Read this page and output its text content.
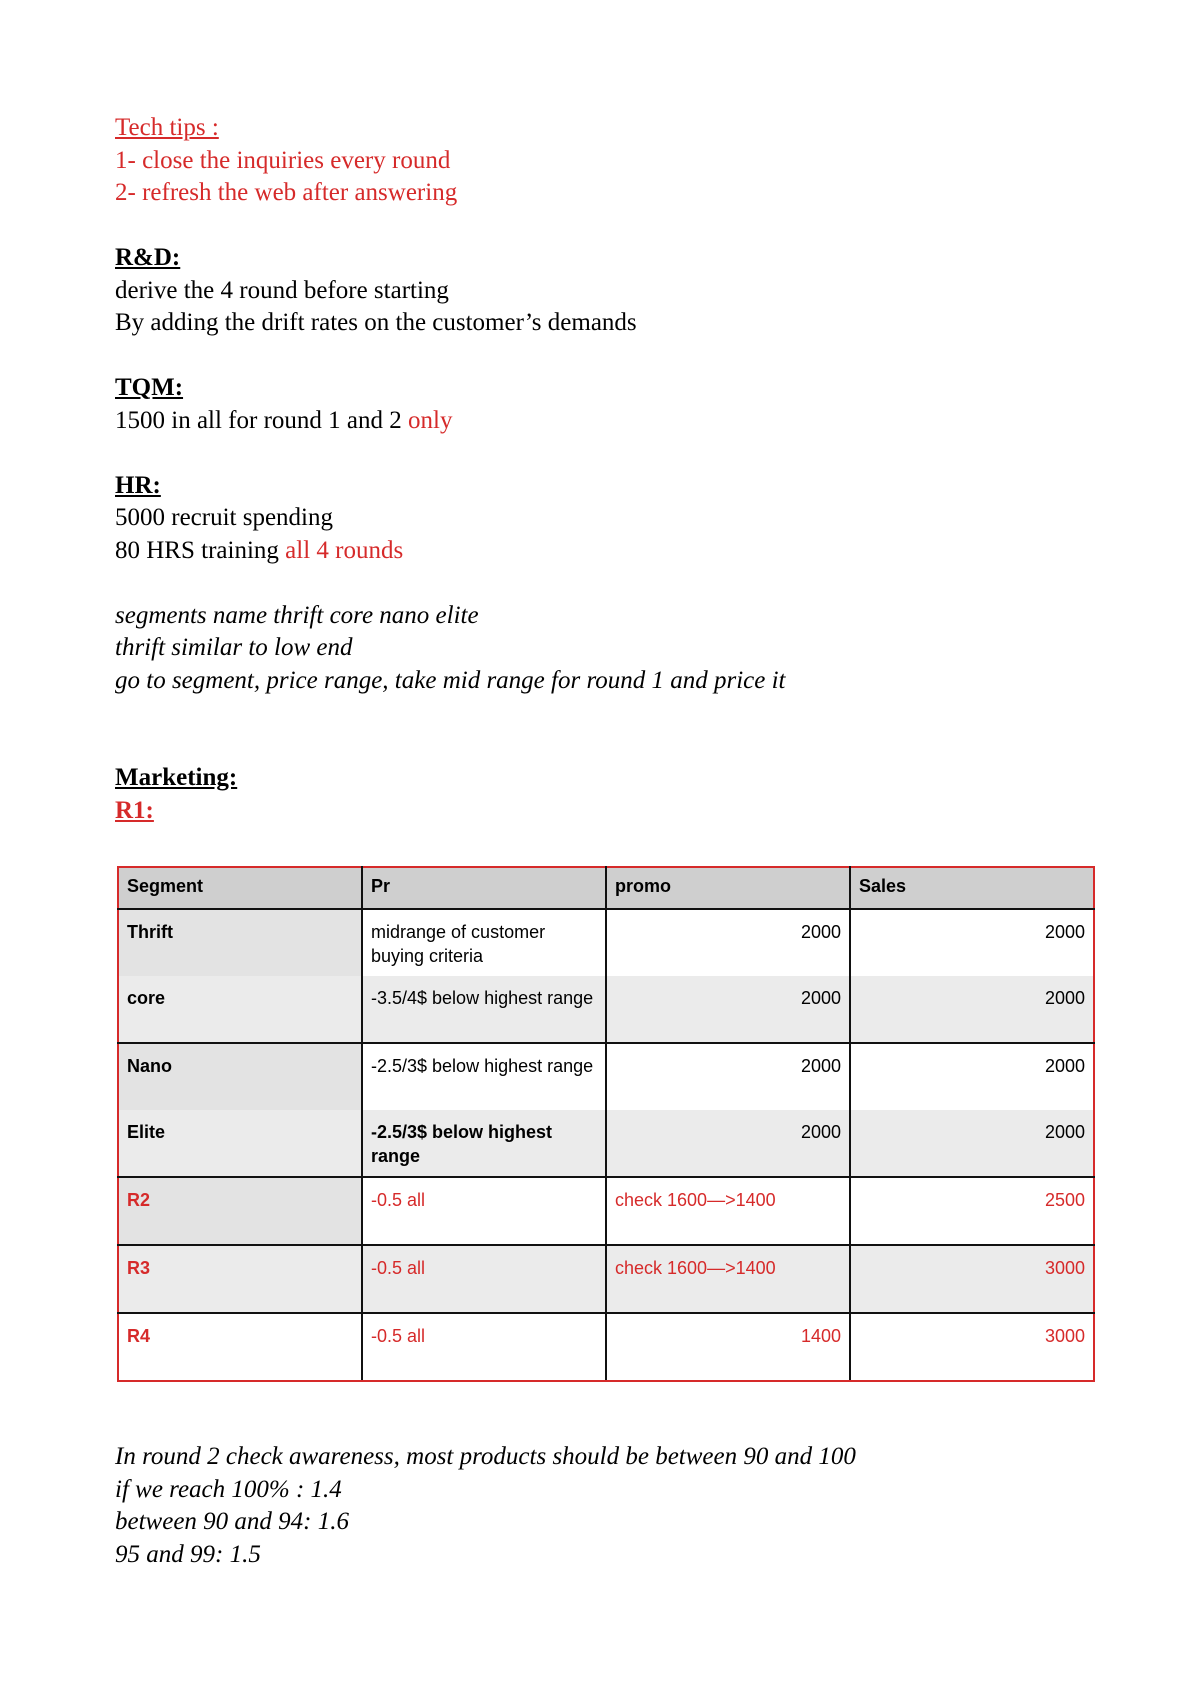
Tech tips :
1- close the inquiries every round
2- refresh the web after answering
R&D:
derive the 4 round before starting
By adding the drift rates on the customer’s demands
TQM:
1500 in all for round 1 and 2 only
HR:
5000 recruit spending
80 HRS training all 4 rounds
segments name thrift core nano elite
thrift similar to low end
go to segment, price range, take mid range for round 1 and price it
Marketing:
R1:
Segment	Pr	promo	Sales
Thrift	midrange of customer buying criteria	2000	2000
core	-3.5/4$ below highest range	2000	2000
Nano	-2.5/3$ below highest range	2000	2000
Elite	-2.5/3$ below highest range	2000	2000
R2	-0.5 all	check 1600—>1400	2500
R3	-0.5 all	check 1600—>1400	3000
R4	-0.5 all	1400	3000
In round 2 check awareness, most products should be between 90 and 100
if we reach 100% : 1.4
between 90 and 94: 1.6
95 and 99: 1.5
